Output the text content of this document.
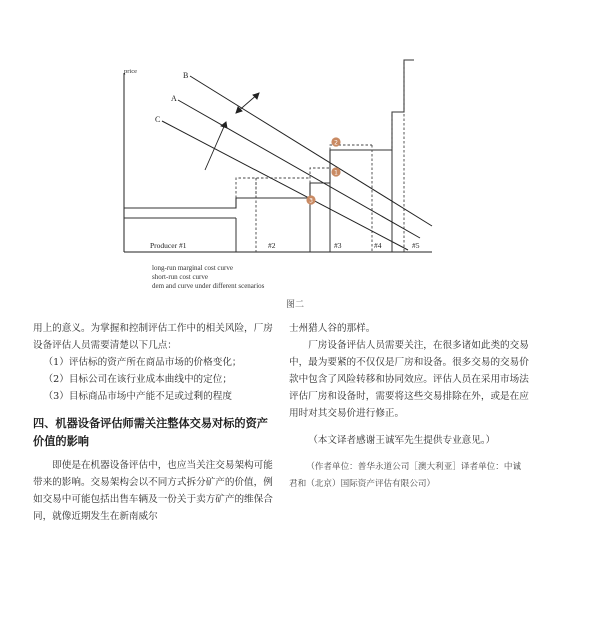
price	B
A
C
3
1
2
Producer #1	#2	#3	#4	#5
long-run marginal cost curve
short-run cost curve
dem and curve under different scenarios
图二

用上的意义。为掌握和控制评估工作中的相关风险，厂房设备评估人员需要清楚以下几点：

（1）评估标的资产所在商品市场的价格变化；

（2）目标公司在该行业成本曲线中的定位；

（3）目标商品市场中产能不足或过剩的程度

四、机器设备评估师需关注整体交易对标的资产价值的影响

即使是在机器设备评估中，也应当关注交易架构可能带来的影响。交易架构会以不同方式拆分矿产的价值，例如交易中可能包括出售车辆及一份关于卖方矿产的维保合同，就像近期发生在新南威尔

士州猎人谷的那样。

厂房设备评估人员需要关注，在很多诸如此类的交易中，最为要紧的不仅仅是厂房和设备。很多交易的交易价款中包含了风险转移和协同效应。评估人员在采用市场法评估厂房和设备时，需要将这些交易排除在外，或是在应用时对其交易价进行修正。

（本文译者感谢王诚军先生提供专业意见。）

（作者单位：普华永道公司［澳大利亚］译者单位：中诚君和（北京）国际资产评估有限公司）
